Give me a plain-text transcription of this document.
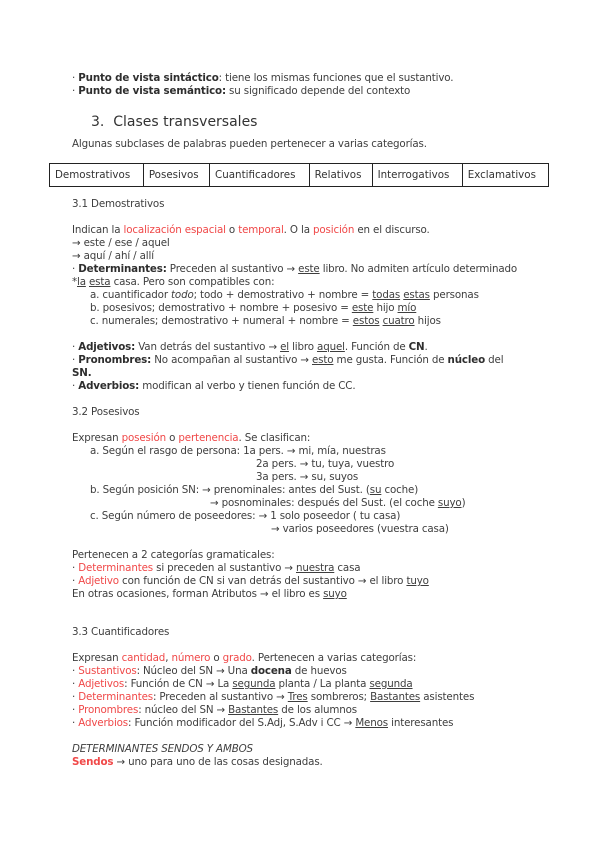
3. Clases transversales
Demostrativos	Posesivos	Cuantificadores	Relativos	Interrogativos	Exclamativos
· Punto de vista sintáctico: tiene los mismas funciones que el sustantivo.
· Punto de vista semántico: su significado depende del contexto
Algunas subclases de palabras pueden pertenecer a varias categorías.
3.1 Demostrativos
Indican la localización espacial o temporal. O la posición en el discurso.
→ este / ese / aquel
→ aquí / ahí / allí
· Determinantes: Preceden al sustantivo → este libro. No admiten artículo determinado
*la esta casa. Pero son compatibles con:
a. cuantificador todo; todo + demostrativo + nombre = todas estas personas
b. posesivos; demostrativo + nombre + posesivo = este hijo mío
c. numerales; demostrativo + numeral + nombre = estos cuatro hijos
· Adjetivos: Van detrás del sustantivo → el libro aquel. Función de CN.
· Pronombres: No acompañan al sustantivo → esto me gusta. Función de núcleo del
SN.
· Adverbios: modifican al verbo y tienen función de CC.
3.2 Posesivos
Expresan posesión o pertenencia. Se clasifican:
a. Según el rasgo de persona: 1a pers. → mi, mía, nuestras
2a pers. → tu, tuya, vuestro
3a pers. → su, suyos
b. Según posición SN: → prenominales: antes del Sust. (su coche)
→ posnominales: después del Sust. (el coche suyo)
c. Según número de poseedores: → 1 solo poseedor ( tu casa)
→ varios poseedores (vuestra casa)
Pertenecen a 2 categorías gramaticales:
· Determinantes si preceden al sustantivo → nuestra casa
· Adjetivo con función de CN si van detrás del sustantivo → el libro tuyo
En otras ocasiones, forman Atributos → el libro es suyo
3.3 Cuantificadores
Expresan cantidad, número o grado. Pertenecen a varias categorías:
· Sustantivos: Núcleo del SN → Una docena de huevos
· Adjetivos: Función de CN → La segunda planta / La planta segunda
· Determinantes: Preceden al sustantivo → Tres sombreros; Bastantes asistentes
· Pronombres: núcleo del SN → Bastantes de los alumnos
· Adverbios: Función modificador del S.Adj, S.Adv i CC → Menos interesantes
DETERMINANTES SENDOS Y AMBOS
Sendos → uno para uno de las cosas designadas.
